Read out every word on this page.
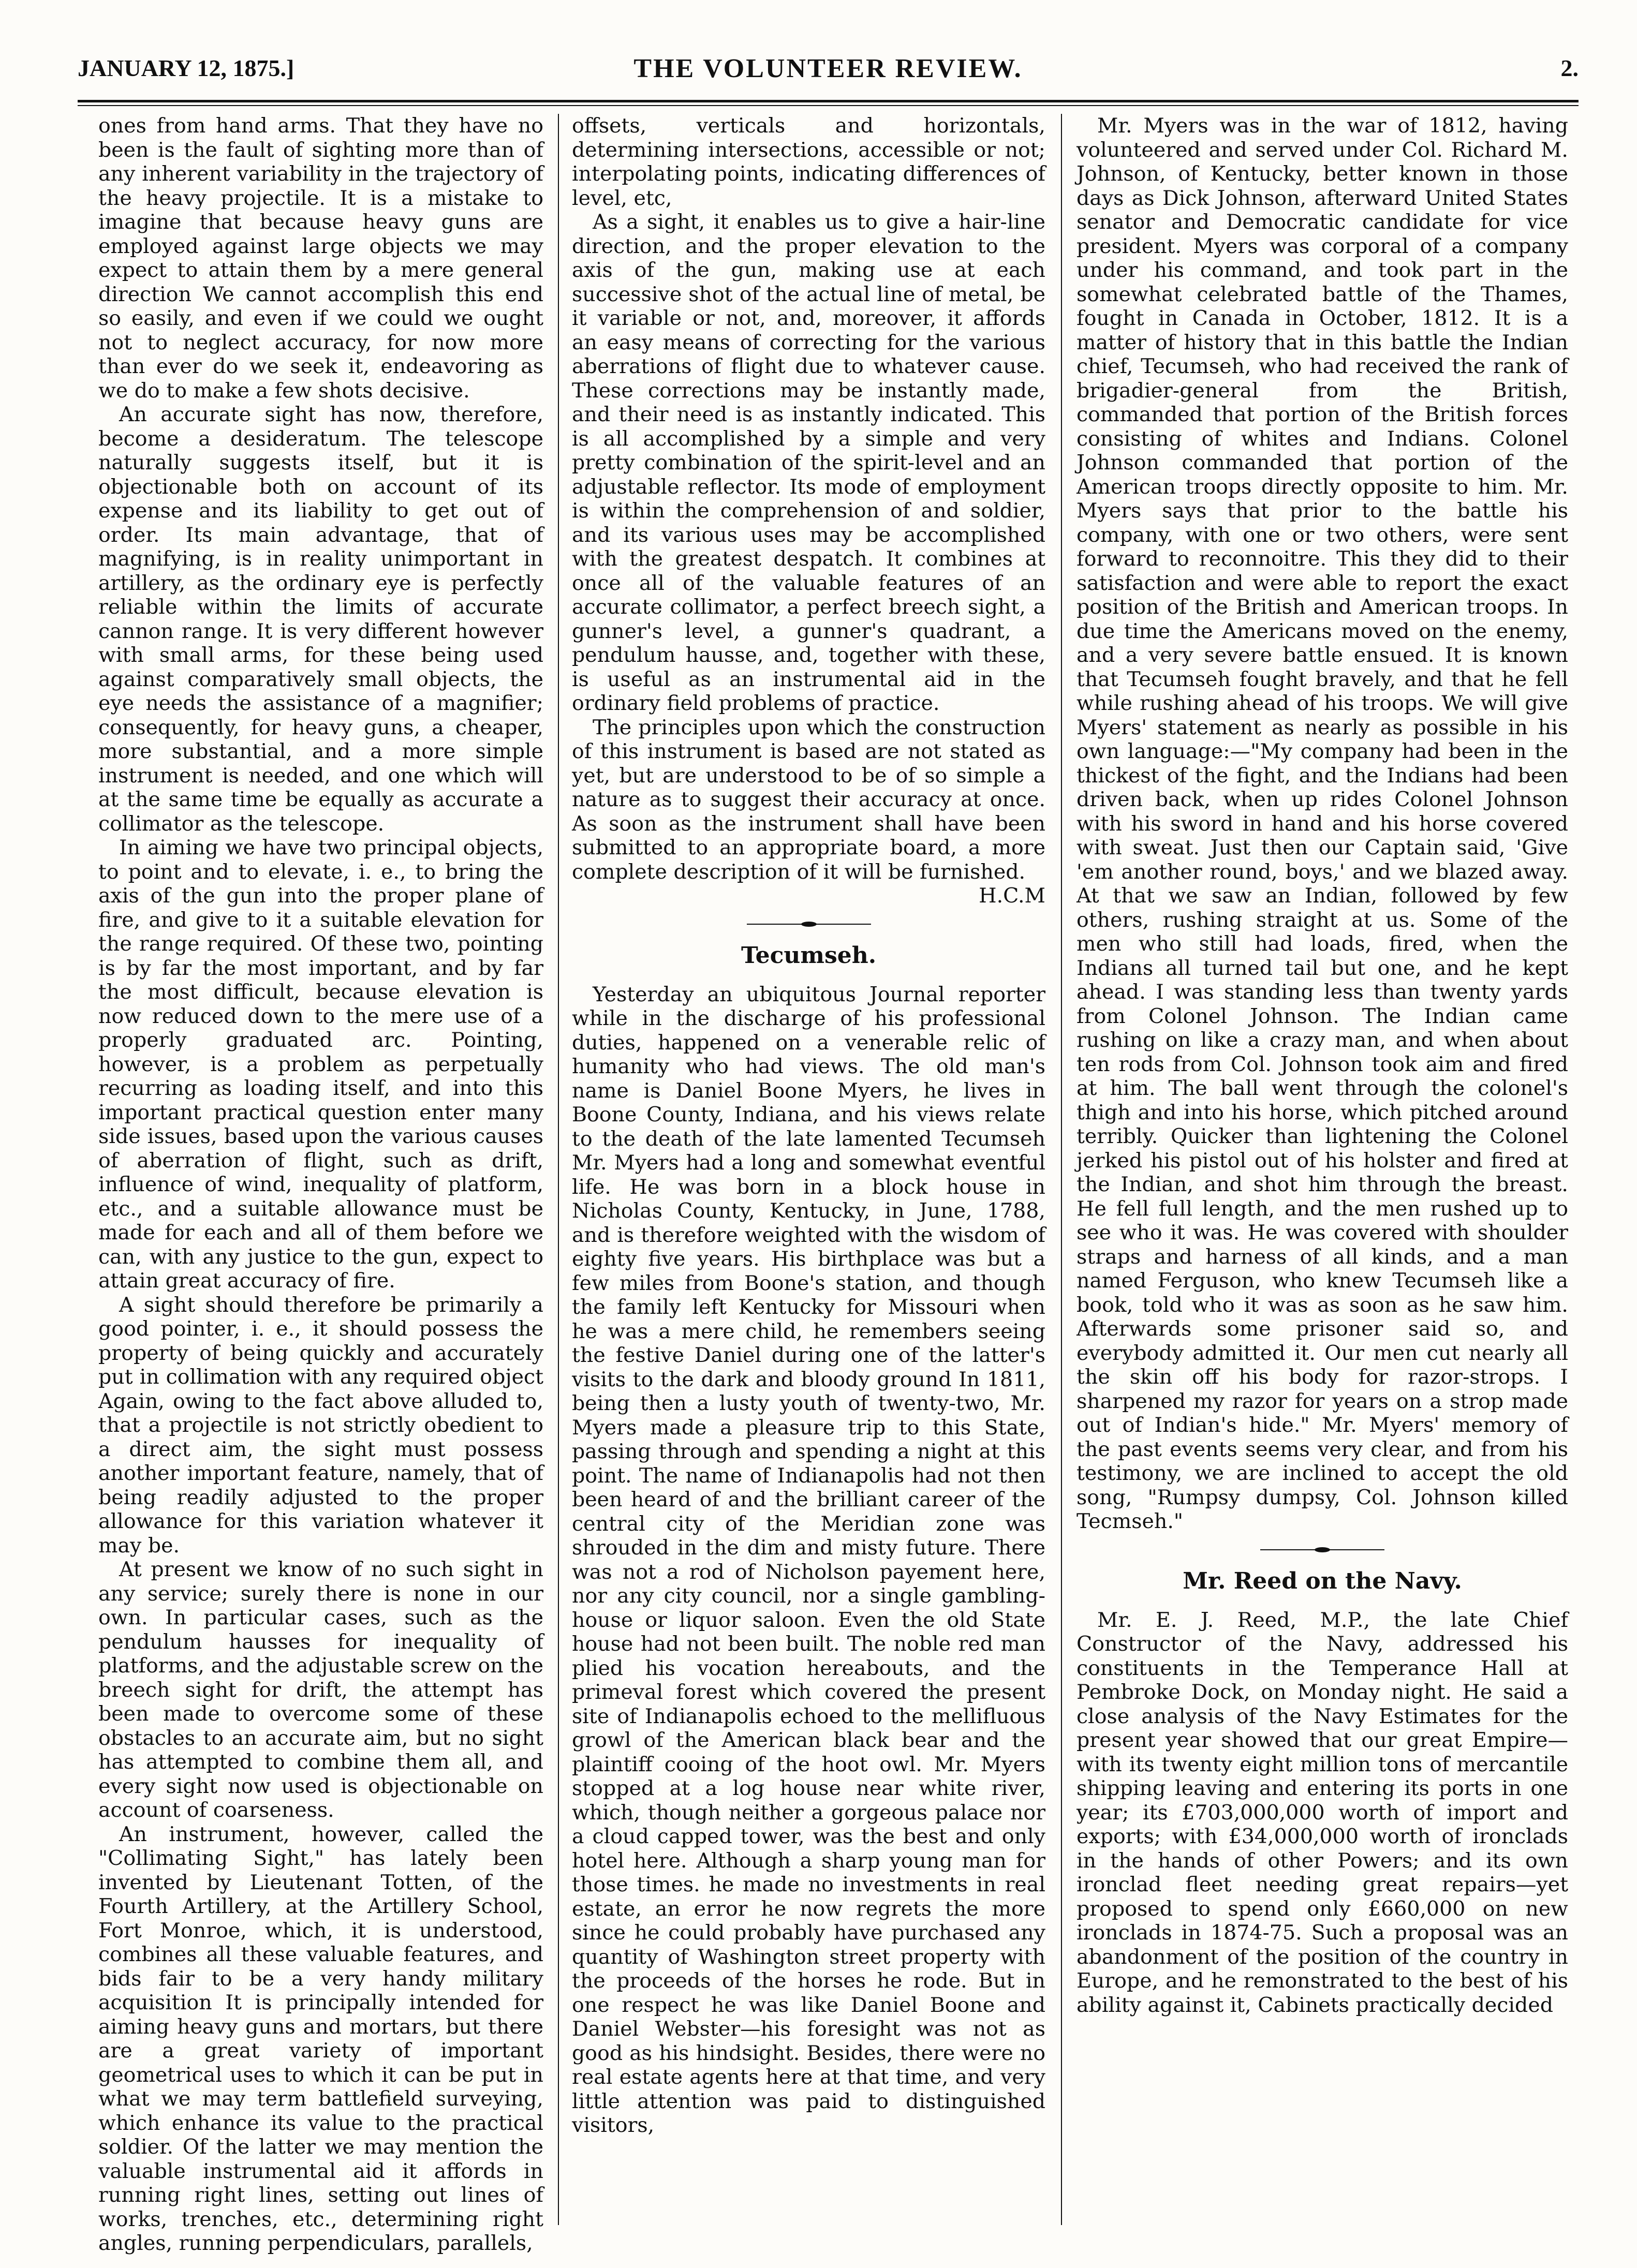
JANUARY 12, 1875.]	THE VOLUNTEER REVIEW.	2.

ones from hand arms. That they have no been is the fault of sighting more than of any inherent variability in the trajectory of the heavy projectile. It is a mistake to imagine that because heavy guns are employed against large objects we may expect to attain them by a mere general direction We cannot accomplish this end so easily, and even if we could we ought not to neglect accuracy, for now more than ever do we seek it, endeavoring as we do to make a few shots decisive.

An accurate sight has now, therefore, become a desideratum. The telescope naturally suggests itself, but it is objectionable both on account of its expense and its liability to get out of order. Its main advantage, that of magnifying, is in reality unimportant in artillery, as the ordinary eye is perfectly reliable within the limits of accurate cannon range. It is very different however with small arms, for these being used against comparatively small objects, the eye needs the assistance of a magnifier; consequently, for heavy guns, a cheaper, more substantial, and a more simple instrument is needed, and one which will at the same time be equally as accurate a collimator as the telescope.

In aiming we have two principal objects, to point and to elevate, i. e., to bring the axis of the gun into the proper plane of fire, and give to it a suitable elevation for the range required. Of these two, pointing is by far the most important, and by far the most difficult, because elevation is now reduced down to the mere use of a properly graduated arc. Pointing, however, is a problem as perpetually recurring as loading itself, and into this important practical question enter many side issues, based upon the various causes of aberration of flight, such as drift, influence of wind, inequality of platform, etc., and a suitable allowance must be made for each and all of them before we can, with any justice to the gun, expect to attain great accuracy of fire.

A sight should therefore be primarily a good pointer, i. e., it should possess the property of being quickly and accurately put in collimation with any required object Again, owing to the fact above alluded to, that a projectile is not strictly obedient to a direct aim, the sight must possess another important feature, namely, that of being readily adjusted to the proper allowance for this variation whatever it may be.

At present we know of no such sight in any service; surely there is none in our own. In particular cases, such as the pendulum hausses for inequality of platforms, and the adjustable screw on the breech sight for drift, the attempt has been made to overcome some of these obstacles to an accurate aim, but no sight has attempted to combine them all, and every sight now used is objectionable on account of coarseness.

An instrument, however, called the "Collimating Sight," has lately been invented by Lieutenant Totten, of the Fourth Artillery, at the Artillery School, Fort Monroe, which, it is understood, combines all these valuable features, and bids fair to be a very handy military acquisition It is principally intended for aiming heavy guns and mortars, but there are a great variety of important geometrical uses to which it can be put in what we may term battlefield surveying, which enhance its value to the practical soldier. Of the latter we may mention the valuable instrumental aid it affords in running right lines, setting out lines of works, trenches, etc., determining right angles, running perpendiculars, parallels,

offsets, verticals and horizontals, determining intersections, accessible or not; interpolating points, indicating differences of level, etc,

As a sight, it enables us to give a hair-line direction, and the proper elevation to the axis of the gun, making use at each successive shot of the actual line of metal, be it variable or not, and, moreover, it affords an easy means of correcting for the various aberrations of flight due to whatever cause. These corrections may be instantly made, and their need is as instantly indicated. This is all accomplished by a simple and very pretty combination of the spirit-level and an adjustable reflector. Its mode of employment is within the comprehension of and soldier, and its various uses may be accomplished with the greatest despatch. It combines at once all of the valuable features of an accurate collimator, a perfect breech sight, a gunner's level, a gunner's quadrant, a pendulum hausse, and, together with these, is useful as an instrumental aid in the ordinary field problems of practice.

The principles upon which the construction of this instrument is based are not stated as yet, but are understood to be of so simple a nature as to suggest their accuracy at once. As soon as the instrument shall have been submitted to an appropriate board, a more complete description of it will be furnished.

H.C.M
Tecumseh.

Yesterday an ubiquitous Journal reporter while in the discharge of his professional duties, happened on a venerable relic of humanity who had views. The old man's name is Daniel Boone Myers, he lives in Boone County, Indiana, and his views relate to the death of the late lamented Tecumseh Mr. Myers had a long and somewhat eventful life. He was born in a block house in Nicholas County, Kentucky, in June, 1788, and is therefore weighted with the wisdom of eighty five years. His birthplace was but a few miles from Boone's station, and though the family left Kentucky for Missouri when he was a mere child, he remembers seeing the festive Daniel during one of the latter's visits to the dark and bloody ground In 1811, being then a lusty youth of twenty-two, Mr. Myers made a pleasure trip to this State, passing through and spending a night at this point. The name of Indianapolis had not then been heard of and the brilliant career of the central city of the Meridian zone was shrouded in the dim and misty future. There was not a rod of Nicholson payement here, nor any city council, nor a single gambling-house or liquor saloon. Even the old State house had not been built. The noble red man plied his vocation hereabouts, and the primeval forest which covered the present site of Indianapolis echoed to the mellifluous growl of the American black bear and the plaintiff cooing of the hoot owl. Mr. Myers stopped at a log house near white river, which, though neither a gorgeous palace nor a cloud capped tower, was the best and only hotel here. Although a sharp young man for those times. he made no investments in real estate, an error he now regrets the more since he could probably have purchased any quantity of Washington street property with the proceeds of the horses he rode. But in one respect he was like Daniel Boone and Daniel Webster—his foresight was not as good as his hindsight. Besides, there were no real estate agents here at that time, and very little attention was paid to distinguished visitors,

Mr. Myers was in the war of 1812, having volunteered and served under Col. Richard M. Johnson, of Kentucky, better known in those days as Dick Johnson, afterward United States senator and Democratic candidate for vice president. Myers was corporal of a company under his command, and took part in the somewhat celebrated battle of the Thames, fought in Canada in October, 1812. It is a matter of history that in this battle the Indian chief, Tecumseh, who had received the rank of brigadier-general from the British, commanded that portion of the British forces consisting of whites and Indians. Colonel Johnson commanded that portion of the American troops directly opposite to him. Mr. Myers says that prior to the battle his company, with one or two others, were sent forward to reconnoitre. This they did to their satisfaction and were able to report the exact position of the British and American troops. In due time the Americans moved on the enemy, and a very severe battle ensued. It is known that Tecumseh fought bravely, and that he fell while rushing ahead of his troops. We will give Myers' statement as nearly as possible in his own language:—"My company had been in the thickest of the fight, and the Indians had been driven back, when up rides Colonel Johnson with his sword in hand and his horse covered with sweat. Just then our Captain said, 'Give 'em another round, boys,' and we blazed away. At that we saw an Indian, followed by few others, rushing straight at us. Some of the men who still had loads, fired, when the Indians all turned tail but one, and he kept ahead. I was standing less than twenty yards from Colonel Johnson. The Indian came rushing on like a crazy man, and when about ten rods from Col. Johnson took aim and fired at him. The ball went through the colonel's thigh and into his horse, which pitched around terribly. Quicker than lightening the Colonel jerked his pistol out of his holster and fired at the Indian, and shot him through the breast. He fell full length, and the men rushed up to see who it was. He was covered with shoulder straps and harness of all kinds, and a man named Ferguson, who knew Tecumseh like a book, told who it was as soon as he saw him. Afterwards some prisoner said so, and everybody admitted it. Our men cut nearly all the skin off his body for razor-strops. I sharpened my razor for years on a strop made out of Indian's hide." Mr. Myers' memory of the past events seems very clear, and from his testimony, we are inclined to accept the old song, "Rumpsy dumpsy, Col. Johnson killed Tecmseh."

Mr. Reed on the Navy.

Mr. E. J. Reed, M.P., the late Chief Constructor of the Navy, addressed his constituents in the Temperance Hall at Pembroke Dock, on Monday night. He said a close analysis of the Navy Estimates for the present year showed that our great Empire—with its twenty eight million tons of mercantile shipping leaving and entering its ports in one year; its £703,000,000 worth of import and exports; with £34,000,000 worth of ironclads in the hands of other Powers; and its own ironclad fleet needing great repairs—yet proposed to spend only £660,000 on new ironclads in 1874-75. Such a proposal was an abandonment of the position of the country in Europe, and he remonstrated to the best of his ability against it, Cabinets practically decided
